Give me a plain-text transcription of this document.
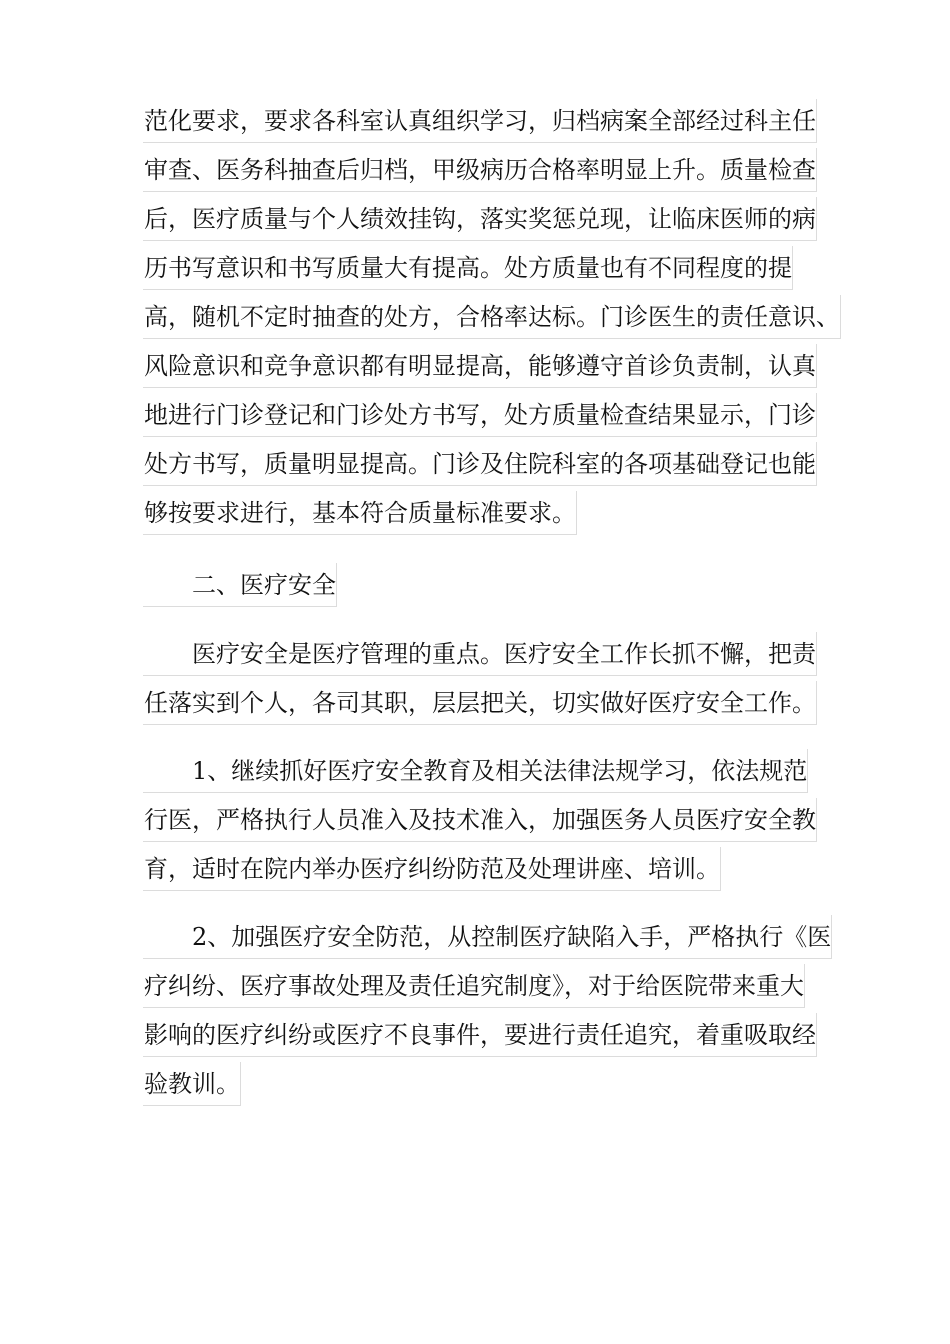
范化要求，要求各科室认真组织学习，归档病案全部经过科主任
审查、医务科抽查后归档，甲级病历合格率明显上升。质量检查
后，医疗质量与个人绩效挂钩，落实奖惩兑现，让临床医师的病
历书写意识和书写质量大有提高。处方质量也有不同程度的提
高，随机不定时抽查的处方，合格率达标。门诊医生的责任意识、
风险意识和竞争意识都有明显提高，能够遵守首诊负责制，认真
地进行门诊登记和门诊处方书写，处方质量检查结果显示，门诊
处方书写，质量明显提高。门诊及住院科室的各项基础登记也能
够按要求进行，基本符合质量标准要求。
二、医疗安全
医疗安全是医疗管理的重点。医疗安全工作长抓不懈，把责
任落实到个人，各司其职，层层把关，切实做好医疗安全工作。
1、继续抓好医疗安全教育及相关法律法规学习，依法规范
行医，严格执行人员准入及技术准入，加强医务人员医疗安全教
育，适时在院内举办医疗纠纷防范及处理讲座、培训。
2、加强医疗安全防范，从控制医疗缺陷入手，严格执行《医
疗纠纷、医疗事故处理及责任追究制度》，对于给医院带来重大
影响的医疗纠纷或医疗不良事件，要进行责任追究，着重吸取经
验教训。
